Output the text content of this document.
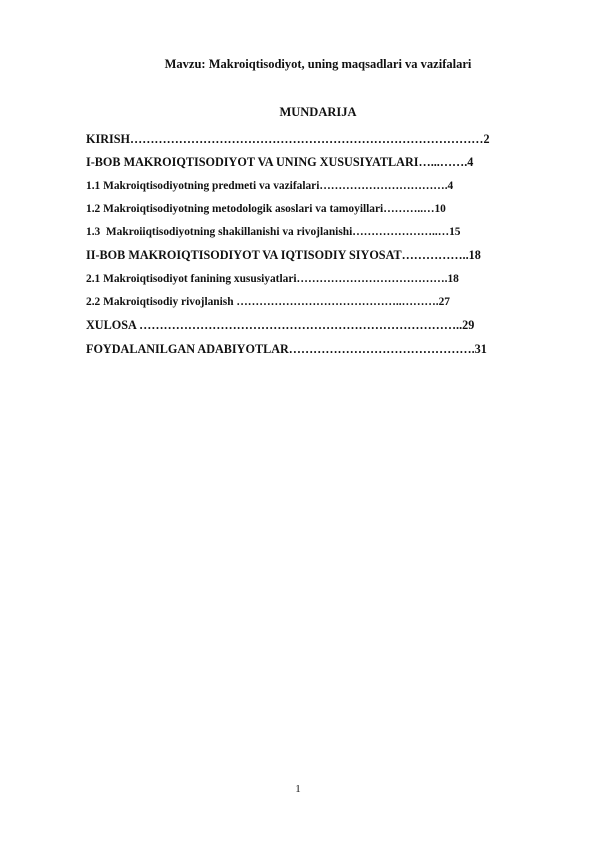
Mavzu: Makroiqtisodiyot, uning maqsadlari va vazifalari
MUNDARIJA
KIRISH……………………………………………………………………………2
I-BOB MAKROIQTISODIYOT VA UNING XUSUSIYATLARI…...…….4
1.1 Makroiqtisodiyotning predmeti va vazifalari…………………………….4
1.2 Makroiqtisodiyotning metodologik asoslari va tamoyillari………..…10
1.3  Makroiiqtisodiyotning shakillanishi va rivojlanishi…………………..…15
II-BOB MAKROIQTISODIYOT VA IQTISODIY SIYOSAT……………..18
2.1 Makroiqtisodiyot fanining xususiyatlari………………………………….18
2.2 Makroiqtisodiy rivojlanish ……………………………………..……….27
XULOSA ……………………………………………………………………..29
FOYDALANILGAN ADABIYOTLAR……………………………………….31
1
